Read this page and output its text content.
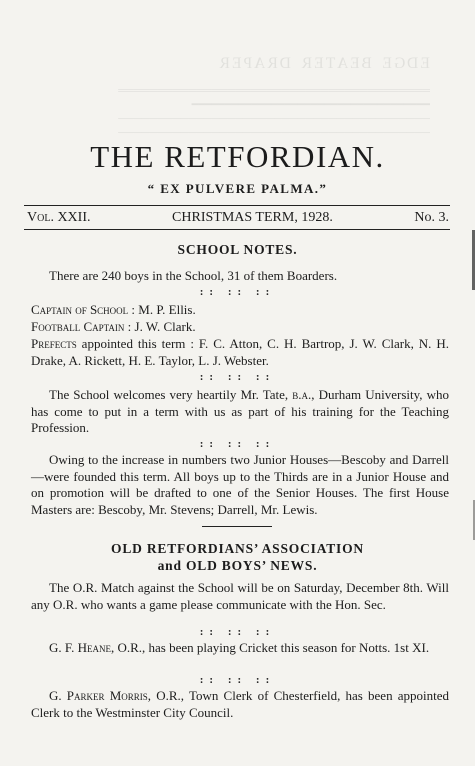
ᴱᴰᴳᴱ ᴮᴱᴬᵀᴱᴿ ᴰᴿᴬᴾᴱᴿ
════════════════════════════════════════
━━━━━━━━━━━━━━━━━━━━━━━━━━━━━━━━━━━━
────────────────────────────────────────
────────────────────────────────────────
THE RETFORDIAN.
“ EX PULVERE PALMA.”
Vol. XXII.	CHRISTMAS TERM, 1928.	No. 3.
SCHOOL NOTES.
There are 240 boys in the School, 31 of them Boarders.
:: :: ::
Captain of School : M. P. Ellis.
Football Captain : J. W. Clark.
Prefects appointed this term : F. C. Atton, C. H. Bartrop, J. W. Clark, N. H. Drake, A. Rickett, H. E. Taylor, L. J. Webster.
:: :: ::
The School welcomes very heartily Mr. Tate, b.a., Durham University, who has come to put in a term with us as part of his training for the Teaching Profession.
:: :: ::
Owing to the increase in numbers two Junior Houses—Bescoby and Darrell—were founded this term. All boys up to the Thirds are in a Junior House and on promotion will be drafted to one of the Senior Houses. The first House Masters are: Bescoby, Mr. Stevens; Darrell, Mr. Lewis.
OLD RETFORDIANS’ ASSOCIATION
and OLD BOYS’ NEWS.
The O.R. Match against the School will be on Saturday, December 8th. Will any O.R. who wants a game please communicate with the Hon. Sec.
:: :: ::
G. F. Heane, O.R., has been playing Cricket this season for Notts. 1st XI.
:: :: ::
G. Parker Morris, O.R., Town Clerk of Chesterfield, has been appointed Clerk to the Westminster City Council.
